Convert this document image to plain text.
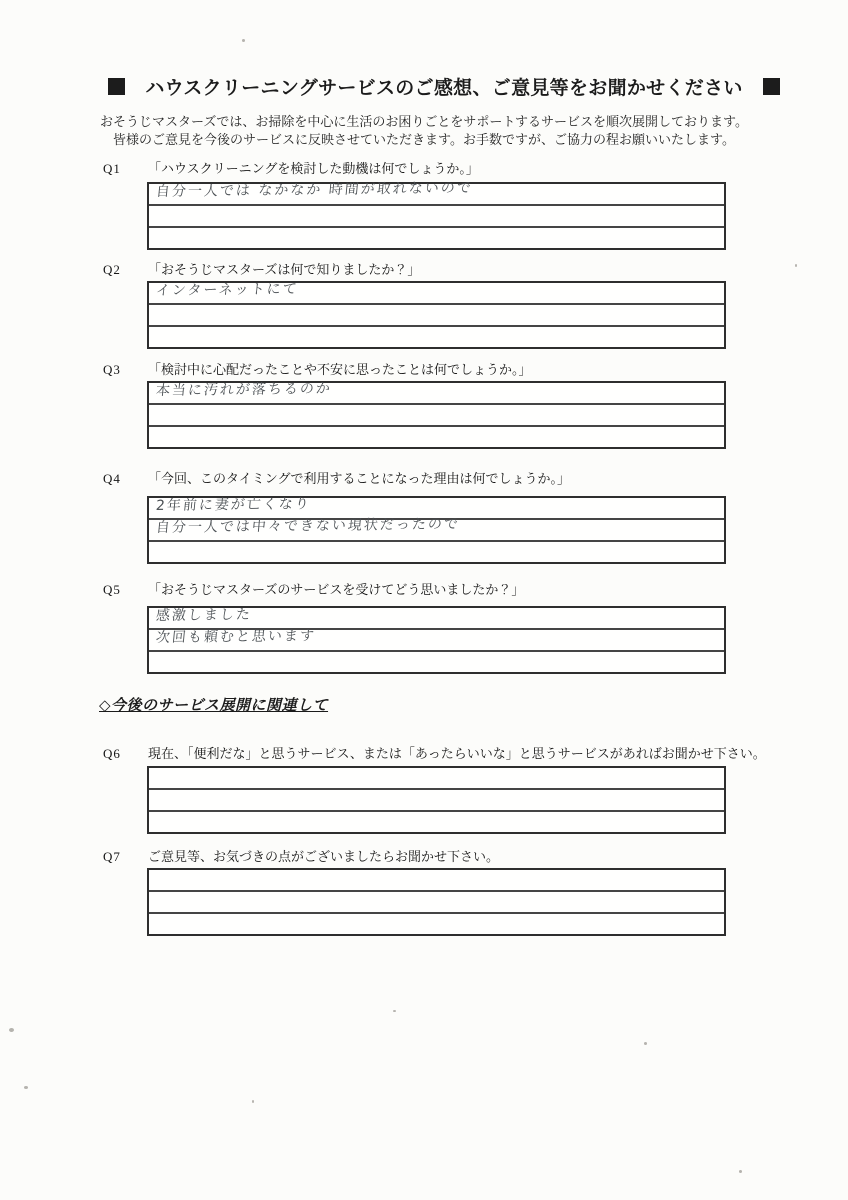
ハウスクリーニングサービスのご感想、ご意見等をお聞かせください
おそうじマスターズでは、お掃除を中心に生活のお困りごとをサポートするサービスを順次展開しております。
皆様のご意見を今後のサービスに反映させていただきます。お手数ですが、ご協力の程お願いいたします。
Q1 「ハウスクリーニングを検討した動機は何でしょうか。」
自分一人では なかなか 時間が取れないので
Q2 「おそうじマスターズは何で知りましたか？」
インターネットにて
Q3 「検討中に心配だったことや不安に思ったことは何でしょうか。」
本当に汚れが落ちるのか
Q4 「今回、このタイミングで利用することになった理由は何でしょうか。」
2年前に妻が亡くなり
自分一人では中々できない現状だったので
Q5 「おそうじマスターズのサービスを受けてどう思いましたか？」
感激しました
次回も頼むと思います
◇今後のサービス展開に関連して
Q6 現在、「便利だな」と思うサービス、または「あったらいいな」と思うサービスがあればお聞かせ下さい。
Q7 ご意見等、お気づきの点がございましたらお聞かせ下さい。
